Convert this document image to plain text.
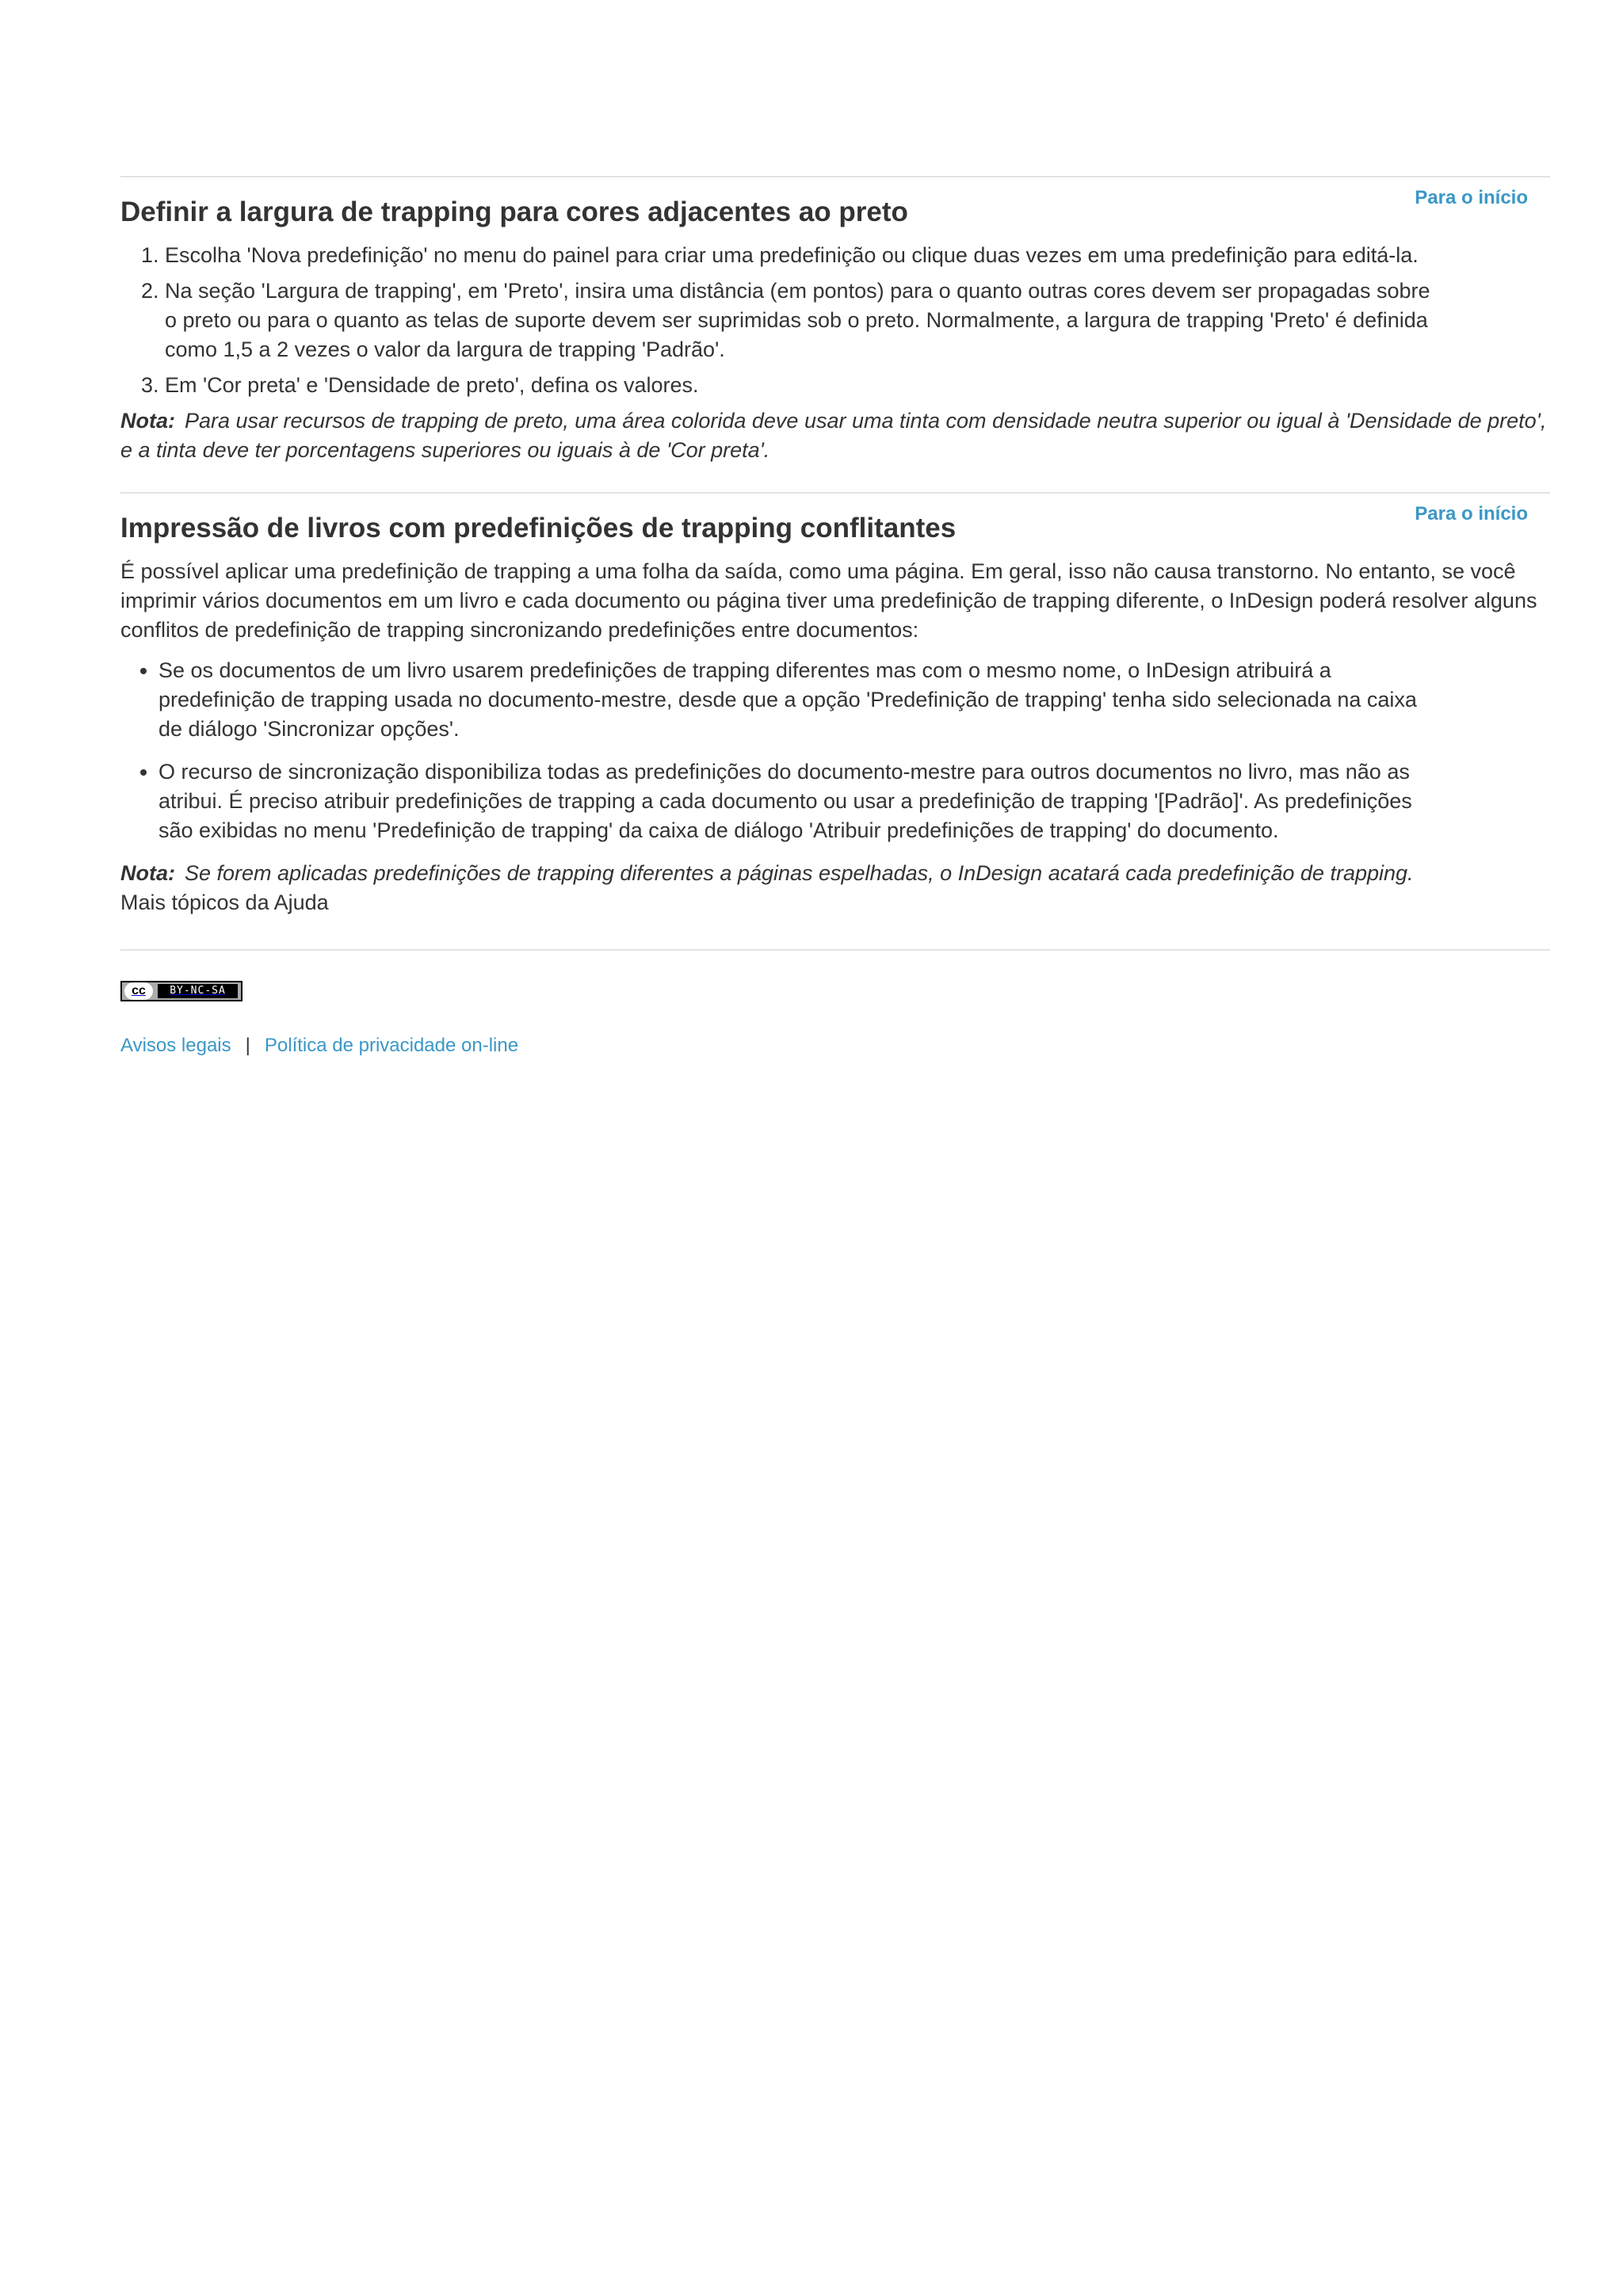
Para o início
Definir a largura de trapping para cores adjacentes ao preto
1. Escolha 'Nova predefinição' no menu do painel para criar uma predefinição ou clique duas vezes em uma predefinição para editá-la.
2. Na seção 'Largura de trapping', em 'Preto', insira uma distância (em pontos) para o quanto outras cores devem ser propagadas sobre o preto ou para o quanto as telas de suporte devem ser suprimidas sob o preto. Normalmente, a largura de trapping 'Preto' é definida como 1,5 a 2 vezes o valor da largura de trapping 'Padrão'.
3. Em 'Cor preta' e 'Densidade de preto', defina os valores.

Nota: Para usar recursos de trapping de preto, uma área colorida deve usar uma tinta com densidade neutra superior ou igual à 'Densidade de preto', e a tinta deve ter porcentagens superiores ou iguais à de 'Cor preta'.

Para o início
Impressão de livros com predefinições de trapping conflitantes

É possível aplicar uma predefinição de trapping a uma folha da saída, como uma página. Em geral, isso não causa transtorno. No entanto, se você imprimir vários documentos em um livro e cada documento ou página tiver uma predefinição de trapping diferente, o InDesign poderá resolver alguns conflitos de predefinição de trapping sincronizando predefinições entre documentos:

• Se os documentos de um livro usarem predefinições de trapping diferentes mas com o mesmo nome, o InDesign atribuirá a predefinição de trapping usada no documento-mestre, desde que a opção 'Predefinição de trapping' tenha sido selecionada na caixa de diálogo 'Sincronizar opções'.
• O recurso de sincronização disponibiliza todas as predefinições do documento-mestre para outros documentos no livro, mas não as atribui. É preciso atribuir predefinições de trapping a cada documento ou usar a predefinição de trapping '[Padrão]'. As predefinições são exibidas no menu 'Predefinição de trapping' da caixa de diálogo 'Atribuir predefinições de trapping' do documento.

Nota: Se forem aplicadas predefinições de trapping diferentes a páginas espelhadas, o InDesign acatará cada predefinição de trapping.

Mais tópicos da Ajuda

cc	BY-NC-SA
Avisos legais | Política de privacidade on-line
